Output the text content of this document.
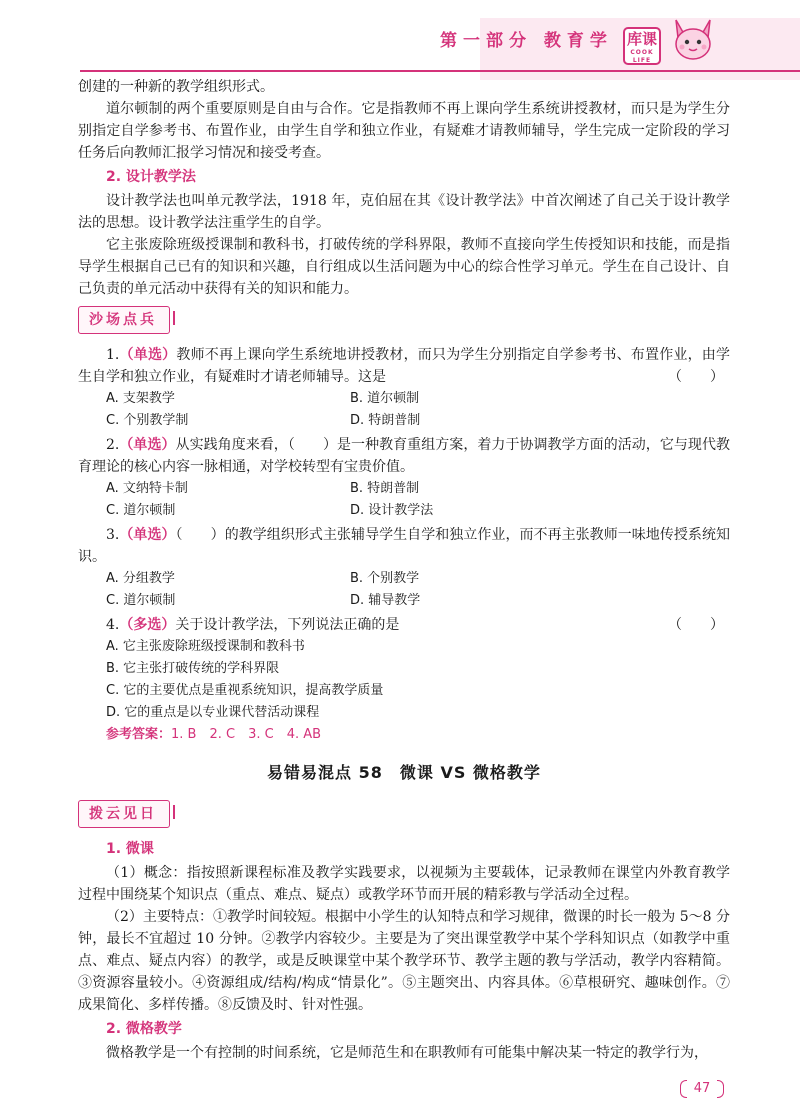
第一部分 教育学 库课
COOK LIFE

创建的一种新的教学组织形式。

道尔顿制的两个重要原则是自由与合作。它是指教师不再上课向学生系统讲授教材，而只是为学生分别指定自学参考书、布置作业，由学生自学和独立作业，有疑难才请教师辅导，学生完成一定阶段的学习任务后向教师汇报学习情况和接受考查。

2. 设计教学法

设计教学法也叫单元教学法，1918 年，克伯屈在其《设计教学法》中首次阐述了自己关于设计教学法的思想。设计教学法注重学生的自学。

它主张废除班级授课制和教科书，打破传统的学科界限，教师不直接向学生传授知识和技能，而是指导学生根据自己已有的知识和兴趣，自行组成以生活问题为中心的综合性学习单元。学生在自己设计、自己负责的单元活动中获得有关的知识和能力。

沙场点兵

1.（单选）教师不再上课向学生系统地讲授教材，而只为学生分别指定自学参考书、布置作业，由学生自学和独立作业，有疑难时才请老师辅导。这是	（　　）

A. 支架教学	B. 道尔顿制
C. 个别教学制	D. 特朗普制

2.（单选）从实践角度来看，（　　）是一种教育重组方案，着力于协调教学方面的活动，它与现代教育理论的核心内容一脉相通，对学校转型有宝贵价值。

A. 文纳特卡制	B. 特朗普制
C. 道尔顿制	D. 设计教学法

3.（单选）（　　）的教学组织形式主张辅导学生自学和独立作业，而不再主张教师一味地传授系统知识。

A. 分组教学	B. 个别教学
C. 道尔顿制	D. 辅导教学

4.（多选）关于设计教学法，下列说法正确的是	（　　）

A. 它主张废除班级授课制和教科书
B. 它主张打破传统的学科界限
C. 它的主要优点是重视系统知识，提高教学质量
D. 它的重点是以专业课代替活动课程

参考答案：1. B　2. C　3. C　4. AB

易错易混点 58　微课 VS 微格教学
拨云见日
1. 微课

（1）概念：指按照新课程标准及教学实践要求，以视频为主要载体，记录教师在课堂内外教育教学过程中围绕某个知识点（重点、难点、疑点）或教学环节而开展的精彩教与学活动全过程。

（2）主要特点：①教学时间较短。根据中小学生的认知特点和学习规律，微课的时长一般为 5～8 分钟，最长不宜超过 10 分钟。②教学内容较少。主要是为了突出课堂教学中某个学科知识点（如教学中重点、难点、疑点内容）的教学，或是反映课堂中某个教学环节、教学主题的教与学活动，教学内容精简。③资源容量较小。④资源组成/结构/构成“情景化”。⑤主题突出、内容具体。⑥草根研究、趣味创作。⑦成果简化、多样传播。⑧反馈及时、针对性强。

2. 微格教学

微格教学是一个有控制的时间系统，它是师范生和在职教师有可能集中解决某一特定的教学行为，

47
